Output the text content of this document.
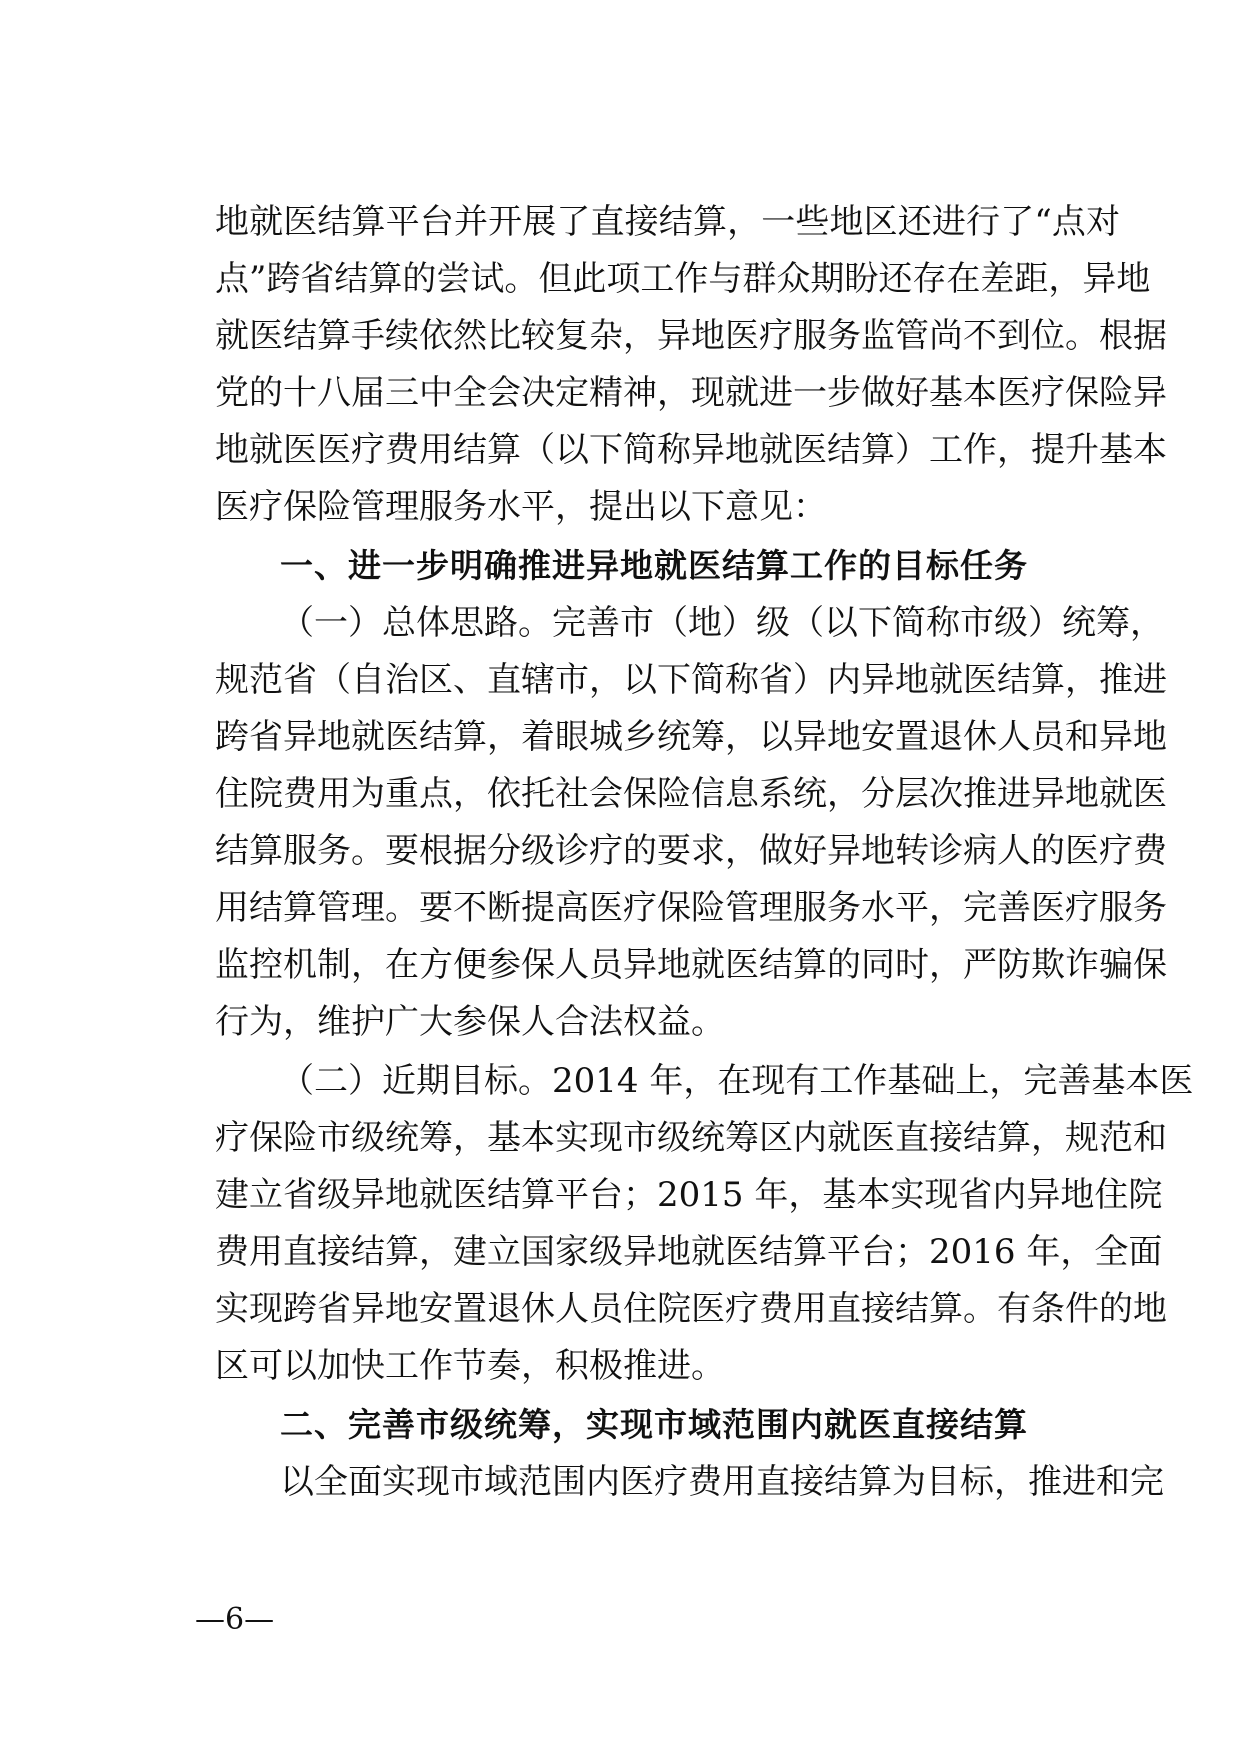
地就医结算平台并开展了直接结算，一些地区还进行了“点对
点”跨省结算的尝试。但此项工作与群众期盼还存在差距，异地
就医结算手续依然比较复杂，异地医疗服务监管尚不到位。根据
党的十八届三中全会决定精神，现就进一步做好基本医疗保险异
地就医医疗费用结算（以下简称异地就医结算）工作，提升基本
医疗保险管理服务水平，提出以下意见：
一、进一步明确推进异地就医结算工作的目标任务
（一）总体思路。完善市（地）级（以下简称市级）统筹，
规范省（自治区、直辖市，以下简称省）内异地就医结算，推进
跨省异地就医结算，着眼城乡统筹，以异地安置退休人员和异地
住院费用为重点，依托社会保险信息系统，分层次推进异地就医
结算服务。要根据分级诊疗的要求，做好异地转诊病人的医疗费
用结算管理。要不断提高医疗保险管理服务水平，完善医疗服务
监控机制，在方便参保人员异地就医结算的同时，严防欺诈骗保
行为，维护广大参保人合法权益。
（二）近期目标。2014 年，在现有工作基础上，完善基本医
疗保险市级统筹，基本实现市级统筹区内就医直接结算，规范和
建立省级异地就医结算平台；2015 年，基本实现省内异地住院
费用直接结算，建立国家级异地就医结算平台；2016 年，全面
实现跨省异地安置退休人员住院医疗费用直接结算。有条件的地
区可以加快工作节奏，积极推进。
二、完善市级统筹，实现市域范围内就医直接结算
以全面实现市域范围内医疗费用直接结算为目标，推进和完
—6—
